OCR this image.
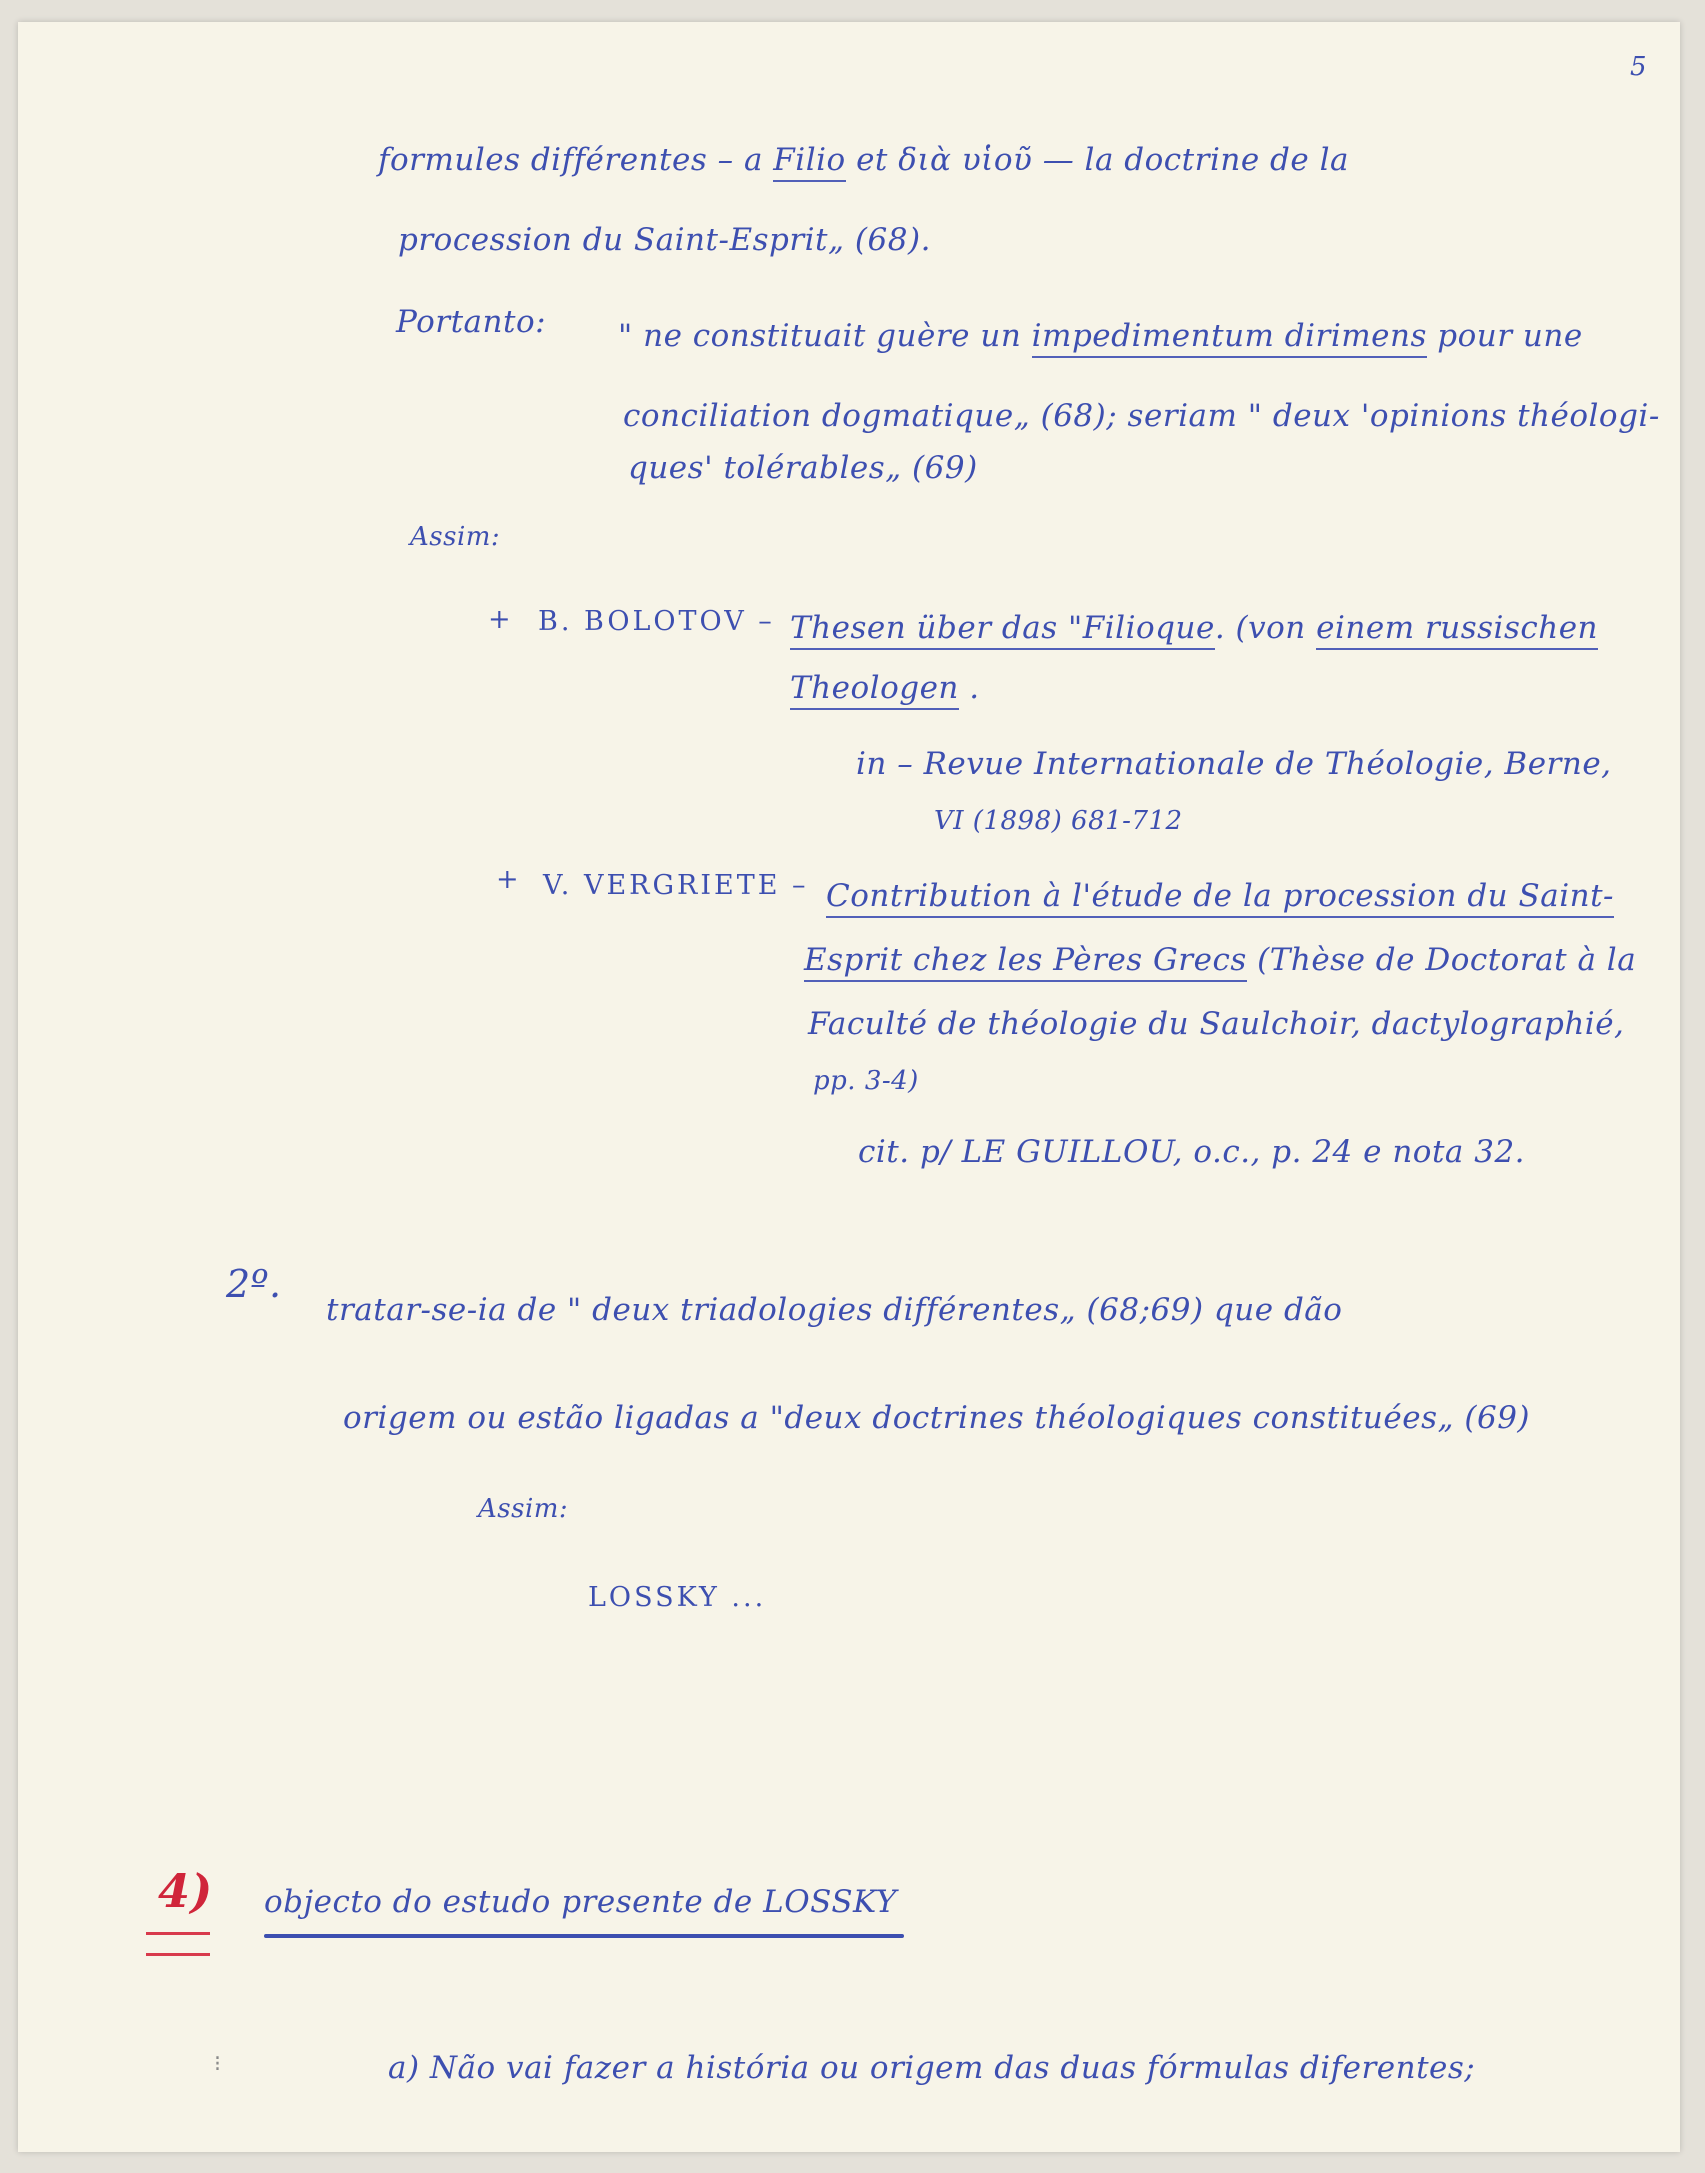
5
formules différentes – a Filio et διὰ υἱοῦ — la doctrine de la
procession du Saint-Esprit„ (68).
Portanto: " ne constituait guère un impedimentum dirimens pour une
conciliation dogmatique„ (68); seriam " deux 'opinions théologi-
ques' tolérables„ (69)
Assim:
+ B. BOLOTOV – Thesen über das "Filioque. (von einem russischen
Theologen .
in – Revue Internationale de Théologie, Berne,
VI (1898) 681-712
+ V. VERGRIETE – Contribution à l'étude de la procession du Saint-
Esprit chez les Pères Grecs (Thèse de Doctorat à la
Faculté de théologie du Saulchoir, dactylographié,
pp. 3-4)
cit. p/ LE GUILLOU, o.c., p. 24 e nota 32.
2º.
tratar-se-ia de " deux triadologies différentes„ (68;69) que dão
origem ou estão ligadas a "deux doctrines théologiques constituées„ (69)
Assim:
LOSSKY ...
4) objecto do estudo presente de LOSSKY
a) Não vai fazer a história ou origem das duas fórmulas diferentes;
⁝
